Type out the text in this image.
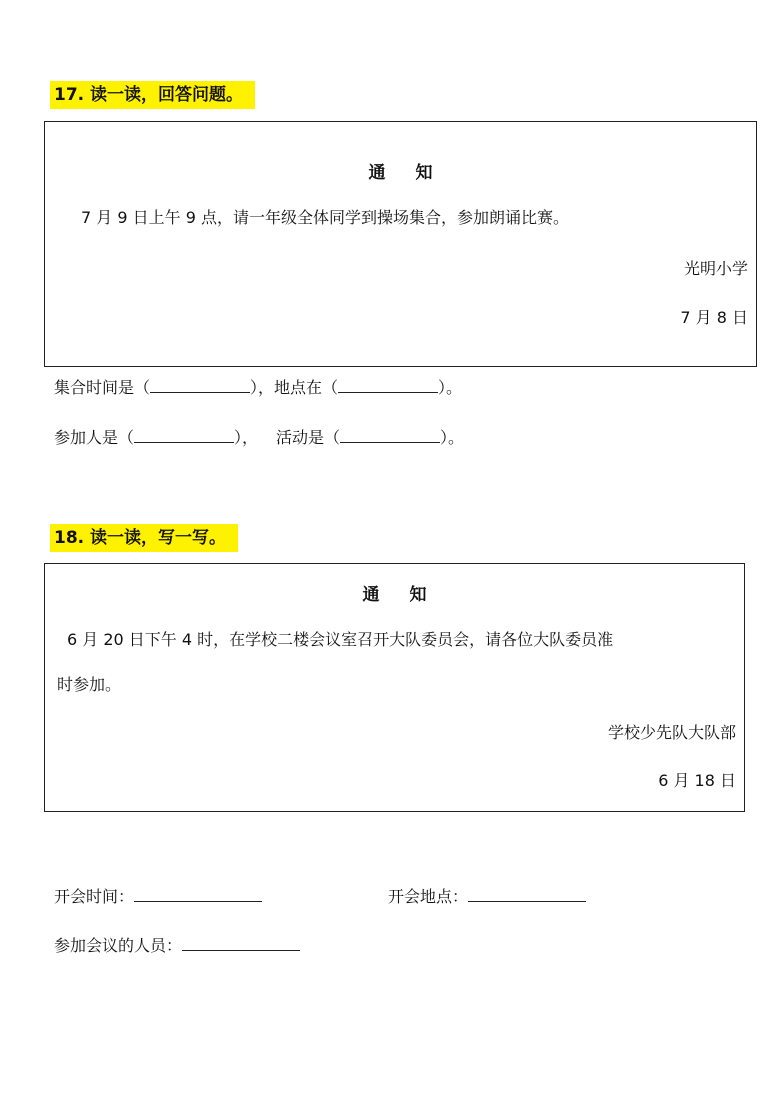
17. 读一读，回答问题。
通 知
7 月 9 日上午 9 点，请一年级全体同学到操场集合，参加朗诵比赛。
光明小学
7 月 8 日
集合时间是（	），地点在（	）。
参加人是（	）， 活动是（	）。
18. 读一读，写一写。
通 知
6 月 20 日下午 4 时，在学校二楼会议室召开大队委员会，请各位大队委员准
时参加。
学校少先队大队部
6 月 18 日
开会时间：	开会地点：
参加会议的人员：
